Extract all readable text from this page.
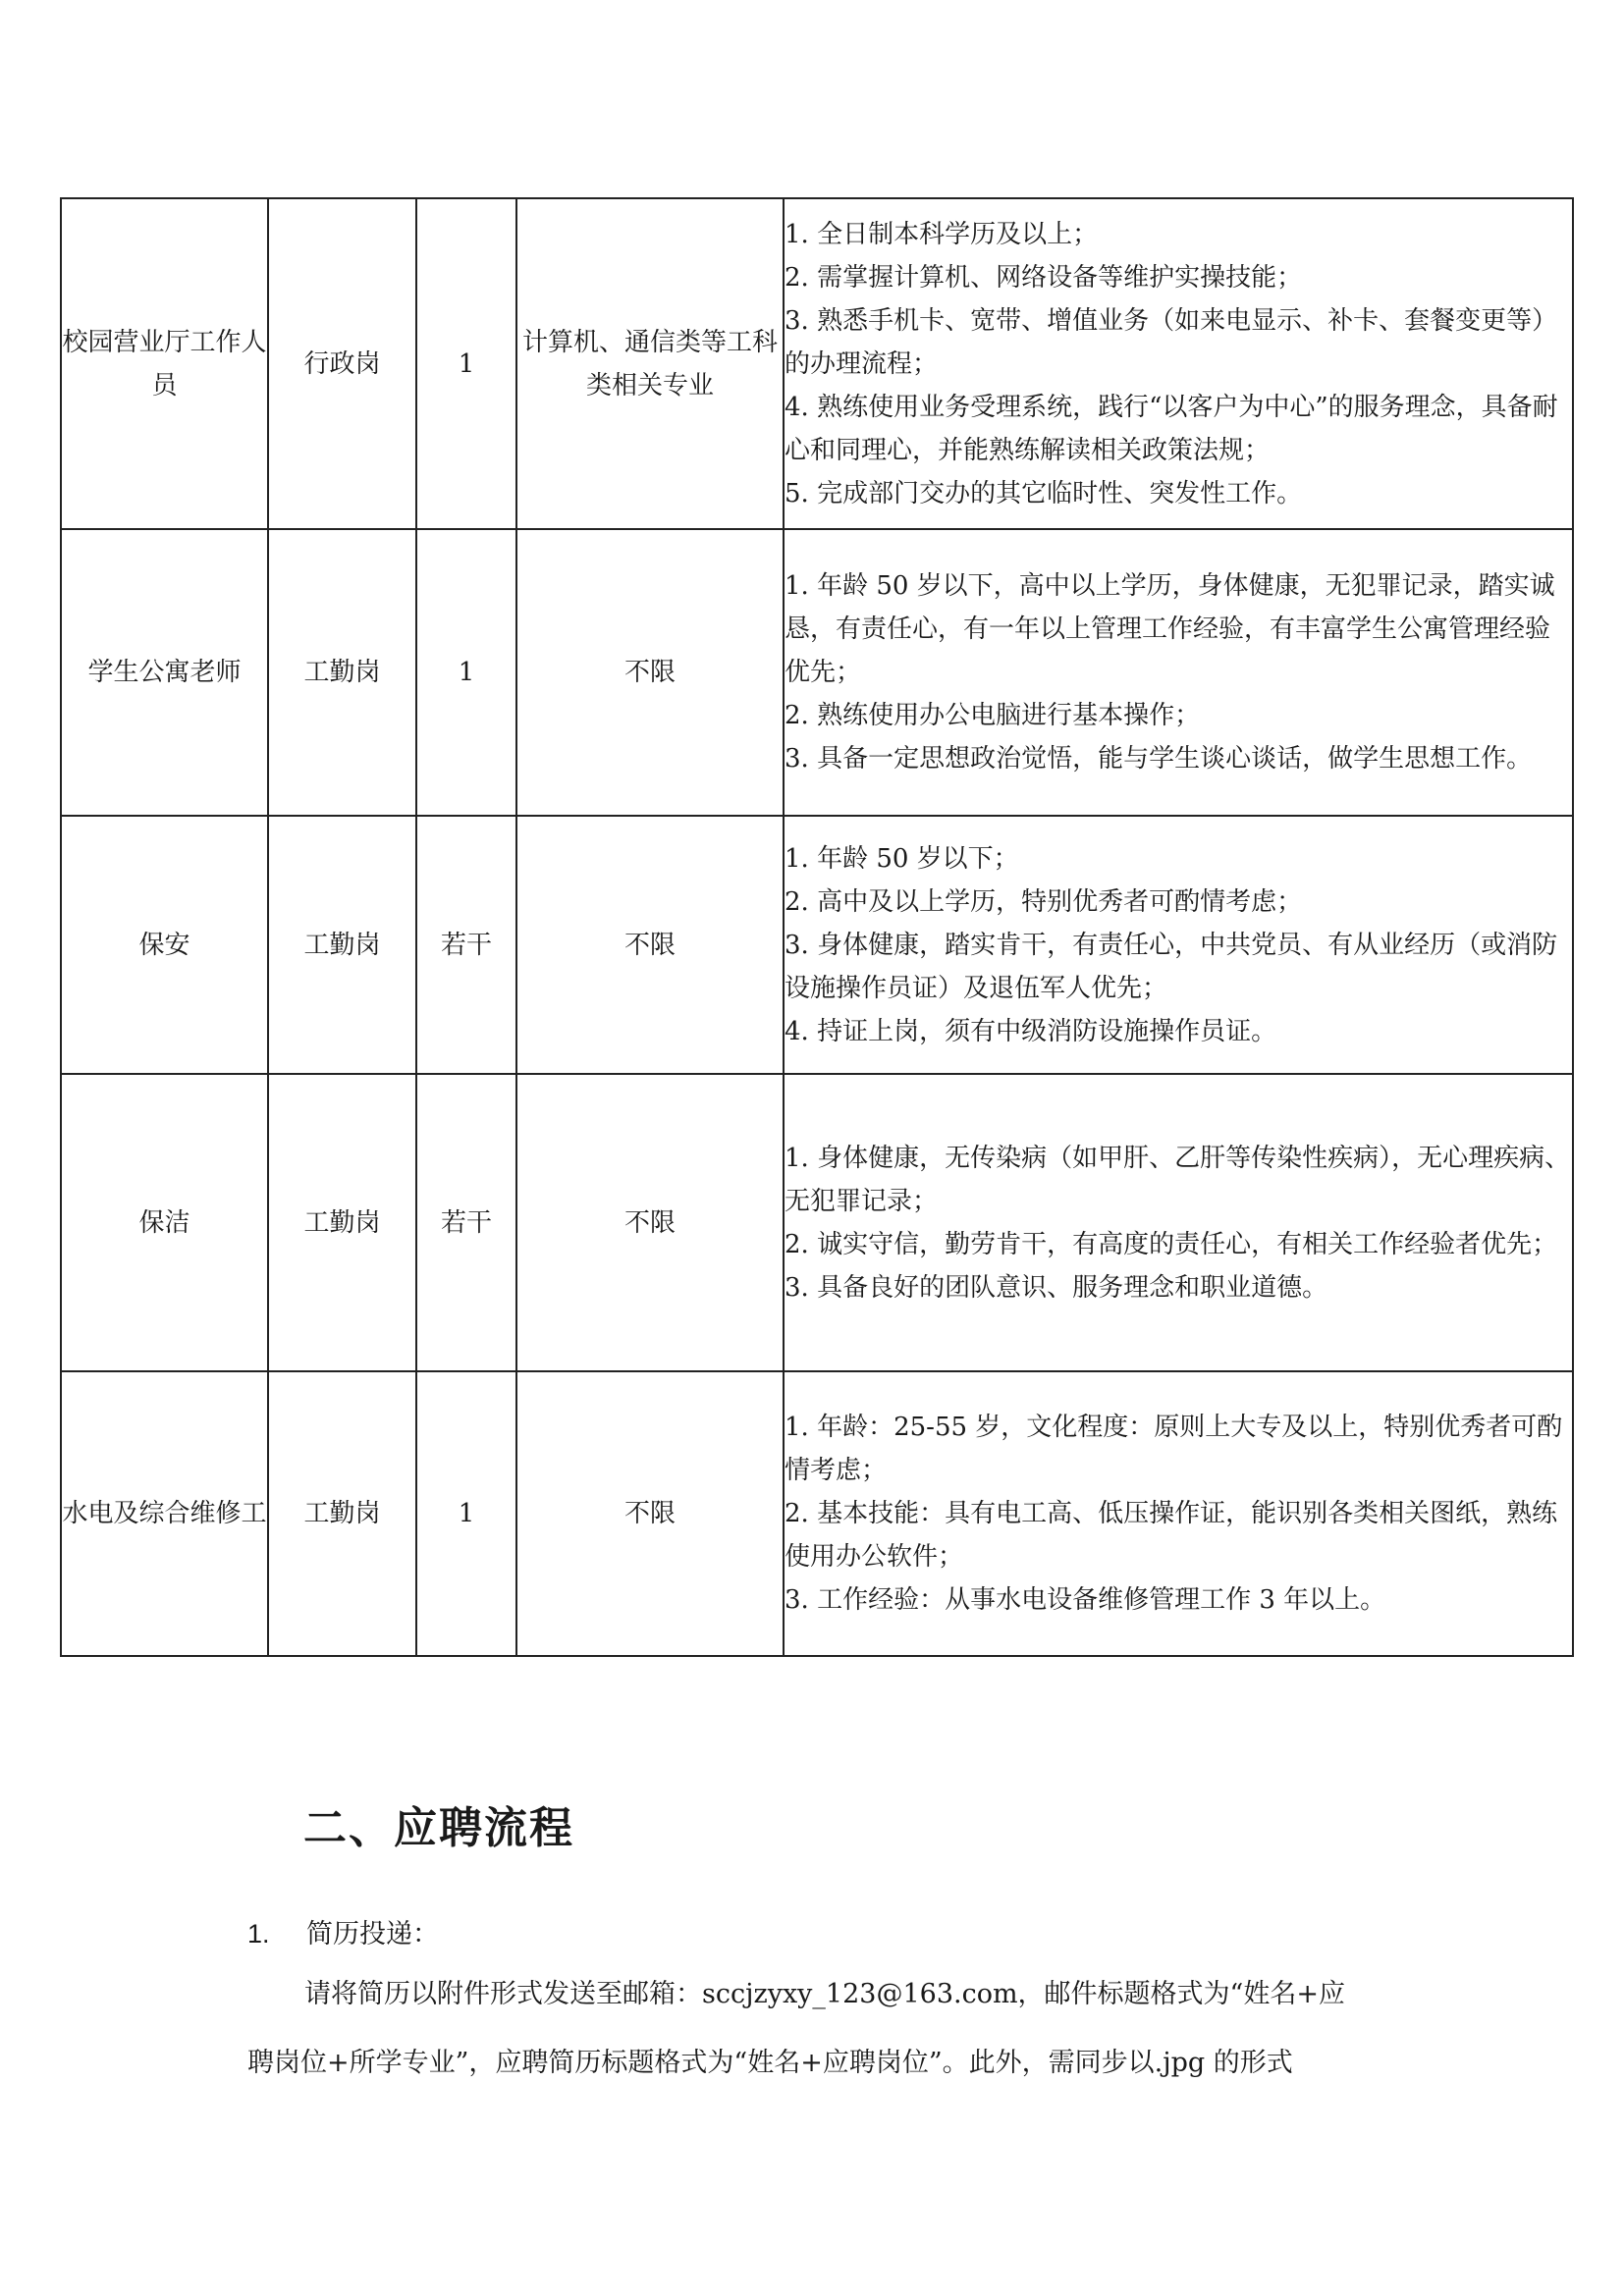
校园营业厅工作人员	行政岗	1	计算机、通信类等工科类相关专业	1. 全日制本科学历及以上；
2. 需掌握计算机、网络设备等维护实操技能；
3. 熟悉手机卡、宽带、增值业务（如来电显示、补卡、套餐变更等）的办理流程；
4. 熟练使用业务受理系统，践行“以客户为中心”的服务理念，具备耐心和同理心，并能熟练解读相关政策法规；
5. 完成部门交办的其它临时性、突发性工作。

学生公寓老师	工勤岗	1	不限	1. 年龄 50 岁以下，高中以上学历，身体健康，无犯罪记录，踏实诚恳，有责任心，有一年以上管理工作经验，有丰富学生公寓管理经验优先；
2. 熟练使用办公电脑进行基本操作；
3. 具备一定思想政治觉悟，能与学生谈心谈话，做学生思想工作。

保安	工勤岗	若干	不限	1. 年龄 50 岁以下；
2. 高中及以上学历，特别优秀者可酌情考虑；
3. 身体健康，踏实肯干，有责任心，中共党员、有从业经历（或消防设施操作员证）及退伍军人优先；
4. 持证上岗，须有中级消防设施操作员证。

保洁	工勤岗	若干	不限	1. 身体健康，无传染病（如甲肝、乙肝等传染性疾病），无心理疾病、无犯罪记录；
2. 诚实守信，勤劳肯干，有高度的责任心，有相关工作经验者优先；
3. 具备良好的团队意识、服务理念和职业道德。

水电及综合维修工	工勤岗	1	不限	1. 年龄：25-55 岁，文化程度：原则上大专及以上，特别优秀者可酌情考虑；
2. 基本技能：具有电工高、低压操作证，能识别各类相关图纸，熟练使用办公软件；
3. 工作经验：从事水电设备维修管理工作 3 年以上。
二、应聘流程
1. 简历投递：
请将简历以附件形式发送至邮箱：sccjzyxy_123@163.com，邮件标题格式为“姓名+应
聘岗位+所学专业”，应聘简历标题格式为“姓名+应聘岗位”。此外，需同步以.jpg 的形式
